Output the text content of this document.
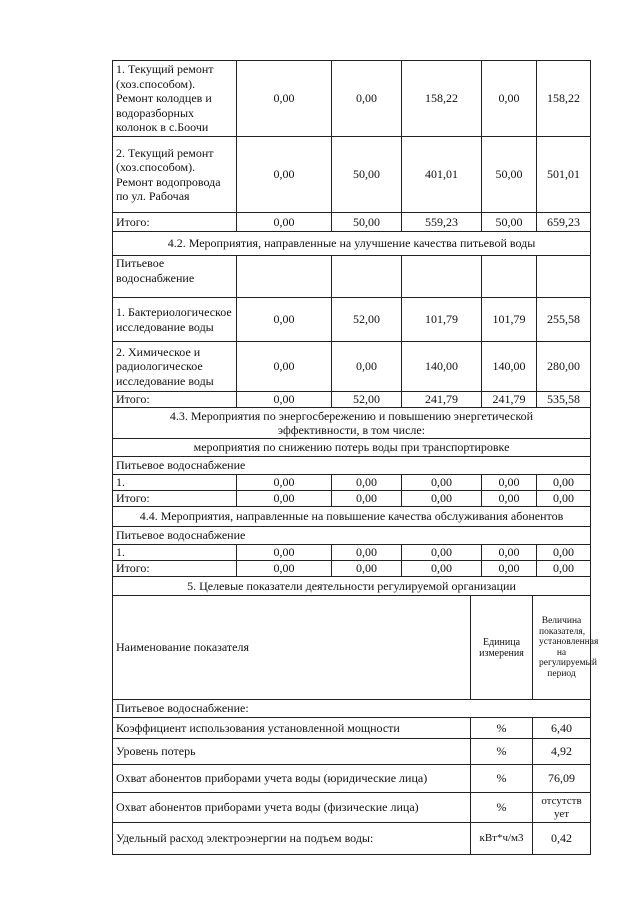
1. Текущий ремонт (хоз.способом). Ремонт колодцев и водоразборных колонок в с.Боочи	0,00	0,00	158,22	0,00	158,22
2. Текущий ремонт (хоз.способом). Ремонт водопровода по ул. Рабочая	0,00	50,00	401,01	50,00	501,01
Итого:	0,00	50,00	559,23	50,00	659,23
4.2. Мероприятия, направленные на улучшение качества питьевой воды					
Питьевое водоснабжение					
1. Бактериологическое исследование воды	0,00	52,00	101,79	101,79	255,58
2. Химическое и радиологическое исследование воды	0,00	0,00	140,00	140,00	280,00
Итого:	0,00	52,00	241,79	241,79	535,58
4.3. Мероприятия по энергосбережению и повышению энергетической эффективности, в том числе:					
мероприятия по снижению потерь воды при транспортировке					
Питьевое водоснабжение					
1.	0,00	0,00	0,00	0,00	0,00
Итого:	0,00	0,00	0,00	0,00	0,00
4.4. Мероприятия, направленные на повышение качества обслуживания абонентов					
Питьевое водоснабжение					
1.	0,00	0,00	0,00	0,00	0,00
Итого:	0,00	0,00	0,00	0,00	0,00
5. Целевые показатели деятельности регулируемой организации		
Наименование показателя	Единица измерения	Величина показателя, установленная на регулируемый период
Питьевое водоснабжение:		
Коэффициент использования установленной мощности	%	6,40
Уровень потерь	%	4,92
Охват абонентов приборами учета воды (юридические лица)	%	76,09
Охват абонентов приборами учета воды (физические лица)	%	отсутствует
Удельный расход электроэнергии на подъем воды:	кВт*ч/м3	0,42
